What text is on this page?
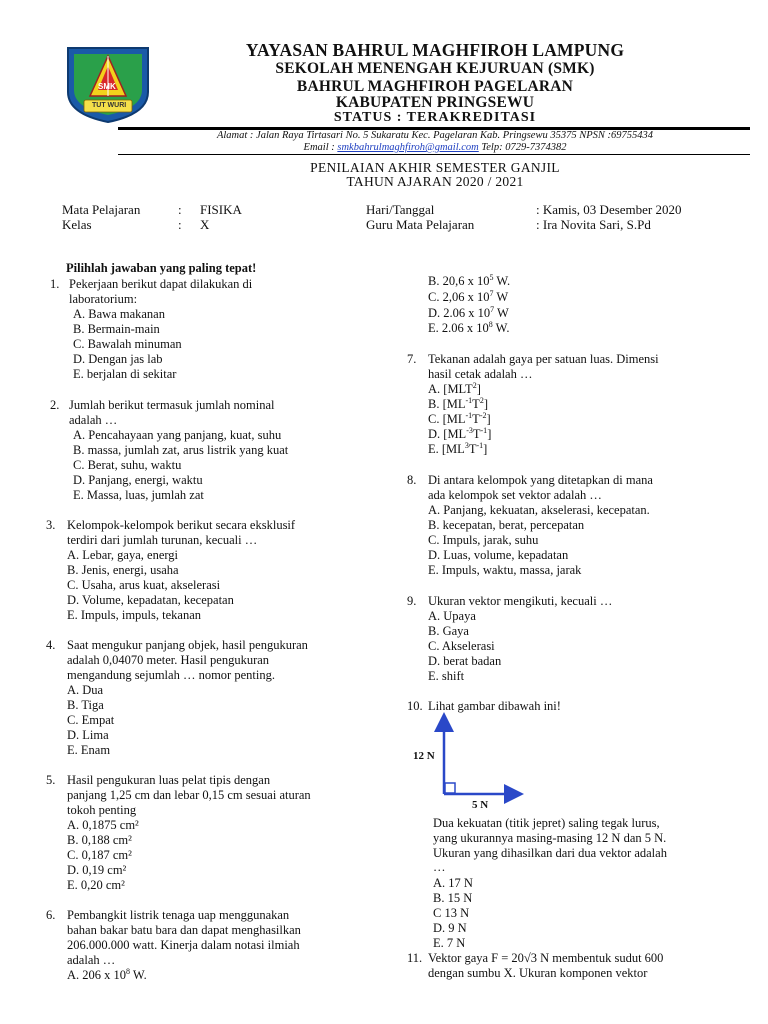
SMK
TUT WURI
YAYASAN BAHRUL MAGHFIROH LAMPUNG
SEKOLAH MENENGAH KEJURUAN (SMK)
BAHRUL MAGHFIROH PAGELARAN
KABUPATEN PRINGSEWU
STATUS : TERAKREDITASI
Alamat : Jalan Raya Tirtasari No. 5 Sukaratu Kec. Pagelaran Kab. Pringsewu 35375 NPSN :69755434
Email : smkbahrulmaghfiroh@gmail.com Telp: 0729-7374382
PENILAIAN AKHIR SEMESTER GANJIL
TAHUN AJARAN 2020 / 2021
Mata Pelajaran	: FISIKA
Kelas	: X
Hari/Tanggal	: Kamis, 03 Desember 2020
Guru Mata Pelajaran	: Ira Novita Sari, S.Pd
Pilihlah jawaban yang paling tepat!
1. Pekerjaan berikut dapat dilakukan di
laboratorium:
A. Bawa makanan
B. Bermain-main
C. Bawalah minuman
D. Dengan jas lab
E. berjalan di sekitar
2. Jumlah berikut termasuk jumlah nominal
adalah …
A. Pencahayaan yang panjang, kuat, suhu
B. massa, jumlah zat, arus listrik yang kuat
C. Berat, suhu, waktu
D. Panjang, energi, waktu
E. Massa, luas, jumlah zat
3. Kelompok-kelompok berikut secara eksklusif
terdiri dari jumlah turunan, kecuali …
A. Lebar, gaya, energi
B. Jenis, energi, usaha
C. Usaha, arus kuat, akselerasi
D. Volume, kepadatan, kecepatan
E. Impuls, impuls, tekanan
4. Saat mengukur panjang objek, hasil pengukuran
adalah 0,04070 meter. Hasil pengukuran
mengandung sejumlah … nomor penting.
A. Dua
B. Tiga
C. Empat
D. Lima
E. Enam
5. Hasil pengukuran luas pelat tipis dengan
panjang 1,25 cm dan lebar 0,15 cm sesuai aturan
tokoh penting
A. 0,1875 cm²
B. 0,188 cm²
C. 0,187 cm²
D. 0,19 cm²
E. 0,20 cm²
6. Pembangkit listrik tenaga uap menggunakan
bahan bakar batu bara dan dapat menghasilkan
206.000.000 watt. Kinerja dalam notasi ilmiah
adalah …
A. 206 x $10^8$ W.
B. 20,6 x $10^5$ W.
C. 2,06 x $10^7$ W
D. 2.06 x $10^7$ W
E. 2.06 x $10^8$ W.
7. Tekanan adalah gaya per satuan luas. Dimensi
hasil cetak adalah …
A. [MLT$^2$]
B. $[ML^{-1}T^2]$
C. $[ML^{-1}T^{-2}]$
D. $[ML^{-3}T^{-1}]$
E. $[ML^3T^{-1}]$
8. Di antara kelompok yang ditetapkan di mana
ada kelompok set vektor adalah …
A. Panjang, kekuatan, akselerasi, kecepatan.
B. kecepatan, berat, percepatan
C. Impuls, jarak, suhu
D. Luas, volume, kepadatan
E. Impuls, waktu, massa, jarak
9. Ukuran vektor mengikuti, kecuali …
A. Upaya
B. Gaya
C. Akselerasi
D. berat badan
E. shift
10. Lihat gambar dibawah ini!
12 N
5 N
Dua kekuatan (titik jepret) saling tegak lurus,
yang ukurannya masing-masing 12 N dan 5 N.
Ukuran yang dihasilkan dari dua vektor adalah
…
A. 17 N
B. 15 N
C 13 N
D. 9 N
E. 7 N
11. Vektor gaya F = 20√3 N membentuk sudut 600
dengan sumbu X. Ukuran komponen vektor
